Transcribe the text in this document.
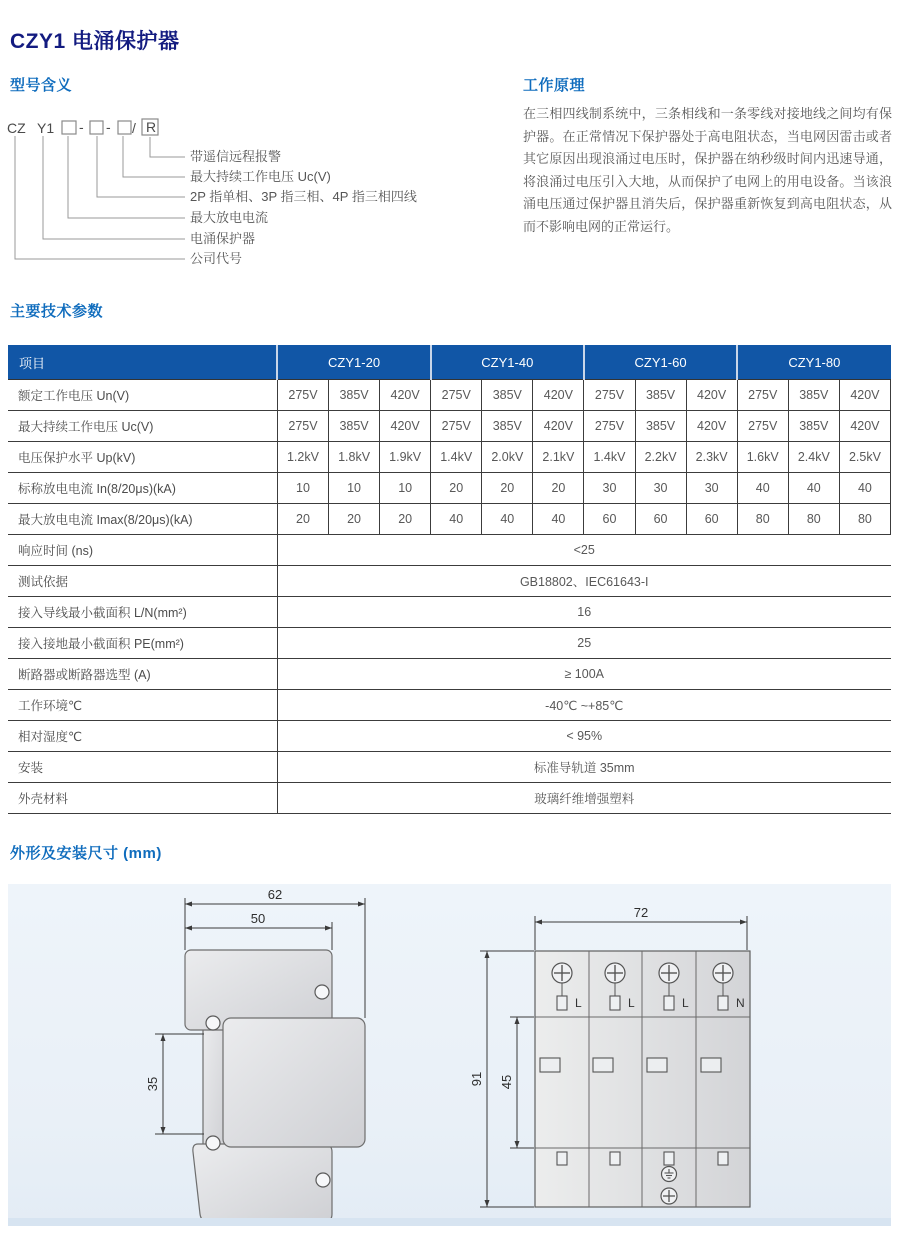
CZY1 电涌保护器
型号含义
CZ Y1 - - / R
带遥信远程报警
最大持续工作电压 Uc(V)
2P 指单相、3P 指三相、4P 指三相四线
最大放电电流
电涌保护器
公司代号
工作原理

在三相四线制系统中，三条相线和一条零线对接地线之间均有保护器。在正常情况下保护器处于高电阻状态，当电网因雷击或者其它原因出现浪涌过电压时，保护器在纳秒级时间内迅速导通，将浪涌过电压引入大地，从而保护了电网上的用电设备。当该浪涌电压通过保护器且消失后，保护器重新恢复到高电阻状态，从而不影响电网的正常运行。

主要技术参数
项目	CZY1-20			CZY1-40			CZY1-60			CZY1-80		
额定工作电压 Un(V)	275V	385V	420V	275V	385V	420V	275V	385V	420V	275V	385V	420V
最大持续工作电压 Uc(V)	275V	385V	420V	275V	385V	420V	275V	385V	420V	275V	385V	420V
电压保护水平 Up(kV)	1.2kV	1.8kV	1.9kV	1.4kV	2.0kV	2.1kV	1.4kV	2.2kV	2.3kV	1.6kV	2.4kV	2.5kV
标称放电电流 In(8/20μs)(kA)	10	10	10	20	20	20	30	30	30	40	40	40
最大放电电流 Imax(8/20μs)(kA)	20	20	20	40	40	40	60	60	60	80	80	80
响应时间 (ns)	<25											
测试依据	GB18802、IEC61643-I											
接入导线最小截面积 L/N(mm²)	16											
接入接地最小截面积 PE(mm²)	25											
断路器或断路器选型 (A)	≥ 100A											
工作环境℃	-40℃ ~+85℃											
相对湿度℃	< 95%											
安装	标准导轨道 35mm											
外壳材料	玻璃纤维增强塑料											
外形及安装尺寸 (mm)
62
50
35
L	L	L	N
72
91 45
